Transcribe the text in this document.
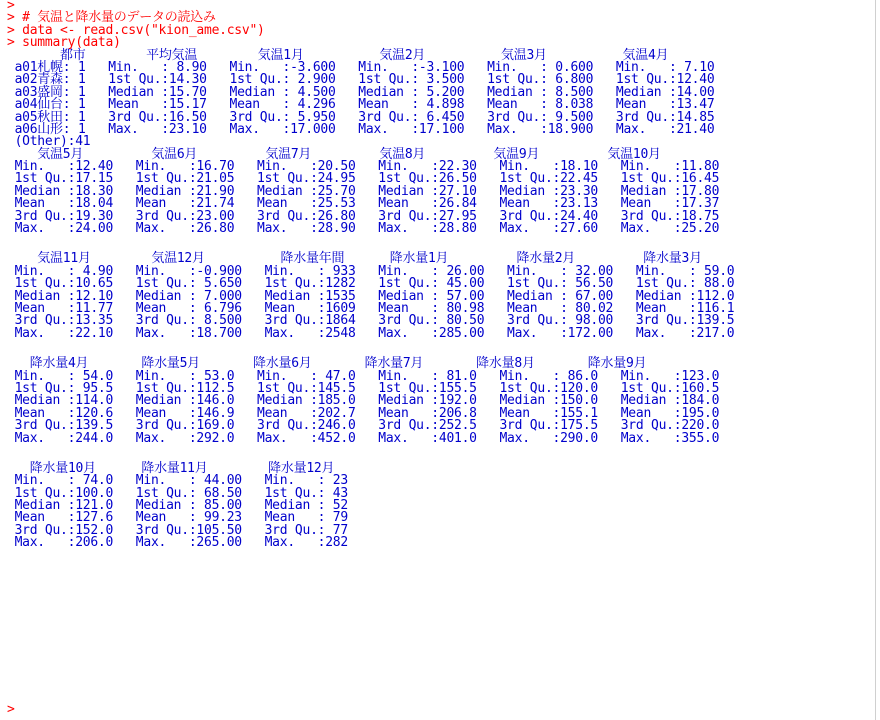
>
> # 気温と降水量のデータの読込み
> data <- read.csv("kion_ame.csv")
> summary(data)
都市        平均気温        気温1月          気温2月          気温3月          気温4月
a01札幌: 1   Min.   : 8.90   Min.   :-3.600   Min.   :-3.100   Min.   : 0.600   Min.   : 7.10
a02青森: 1   1st Qu.:14.30   1st Qu.: 2.900   1st Qu.: 3.500   1st Qu.: 6.800   1st Qu.:12.40
a03盛岡: 1   Median :15.70   Median : 4.500   Median : 5.200   Median : 8.500   Median :14.00
a04仙台: 1   Mean   :15.17   Mean   : 4.296   Mean   : 4.898   Mean   : 8.038   Mean   :13.47
a05秋田: 1   3rd Qu.:16.50   3rd Qu.: 5.950   3rd Qu.: 6.450   3rd Qu.: 9.500   3rd Qu.:14.85
a06山形: 1   Max.   :23.10   Max.   :17.000   Max.   :17.100   Max.   :18.900   Max.   :21.40
(Other):41
気温5月         気温6月         気温7月         気温8月         気温9月         気温10月
Min.   :12.40   Min.   :16.70   Min.   :20.50   Min.   :22.30   Min.   :18.10   Min.   :11.80
1st Qu.:17.15   1st Qu.:21.05   1st Qu.:24.95   1st Qu.:26.50   1st Qu.:22.45   1st Qu.:16.45
Median :18.30   Median :21.90   Median :25.70   Median :27.10   Median :23.30   Median :17.80
Mean   :18.04   Mean   :21.74   Mean   :25.53   Mean   :26.84   Mean   :23.13   Mean   :17.37
3rd Qu.:19.30   3rd Qu.:23.00   3rd Qu.:26.80   3rd Qu.:27.95   3rd Qu.:24.40   3rd Qu.:18.75
Max.   :24.00   Max.   :26.80   Max.   :28.90   Max.   :28.80   Max.   :27.60   Max.   :25.20
気温11月        気温12月          降水量年間      降水量1月         降水量2月         降水量3月
Min.   : 4.90   Min.   :-0.900   Min.   : 933   Min.   : 26.00   Min.   : 32.00   Min.   : 59.0
1st Qu.:10.65   1st Qu.: 5.650   1st Qu.:1282   1st Qu.: 45.00   1st Qu.: 56.50   1st Qu.: 88.0
Median :12.10   Median : 7.000   Median :1535   Median : 57.00   Median : 67.00   Median :112.0
Mean   :11.77   Mean   : 6.796   Mean   :1609   Mean   : 80.98   Mean   : 80.02   Mean   :116.1
3rd Qu.:13.35   3rd Qu.: 8.500   3rd Qu.:1864   3rd Qu.: 80.50   3rd Qu.: 98.00   3rd Qu.:139.5
Max.   :22.10   Max.   :18.700   Max.   :2548   Max.   :285.00   Max.   :172.00   Max.   :217.0
降水量4月       降水量5月       降水量6月       降水量7月       降水量8月       降水量9月
Min.   : 54.0   Min.   : 53.0   Min.   : 47.0   Min.   : 81.0   Min.   : 86.0   Min.   :123.0
1st Qu.: 95.5   1st Qu.:112.5   1st Qu.:145.5   1st Qu.:155.5   1st Qu.:120.0   1st Qu.:160.5
Median :114.0   Median :146.0   Median :185.0   Median :192.0   Median :150.0   Median :184.0
Mean   :120.6   Mean   :146.9   Mean   :202.7   Mean   :206.8   Mean   :155.1   Mean   :195.0
3rd Qu.:139.5   3rd Qu.:169.0   3rd Qu.:246.0   3rd Qu.:252.5   3rd Qu.:175.5   3rd Qu.:220.0
Max.   :244.0   Max.   :292.0   Max.   :452.0   Max.   :401.0   Max.   :290.0   Max.   :355.0
降水量10月      降水量11月        降水量12月
Min.   : 74.0   Min.   : 44.00   Min.   : 23
1st Qu.:100.0   1st Qu.: 68.50   1st Qu.: 43
Median :121.0   Median : 85.00   Median : 52
Mean   :127.6   Mean   : 99.23   Mean   : 79
3rd Qu.:152.0   3rd Qu.:105.50   3rd Qu.: 77
Max.   :206.0   Max.   :265.00   Max.   :282
>
